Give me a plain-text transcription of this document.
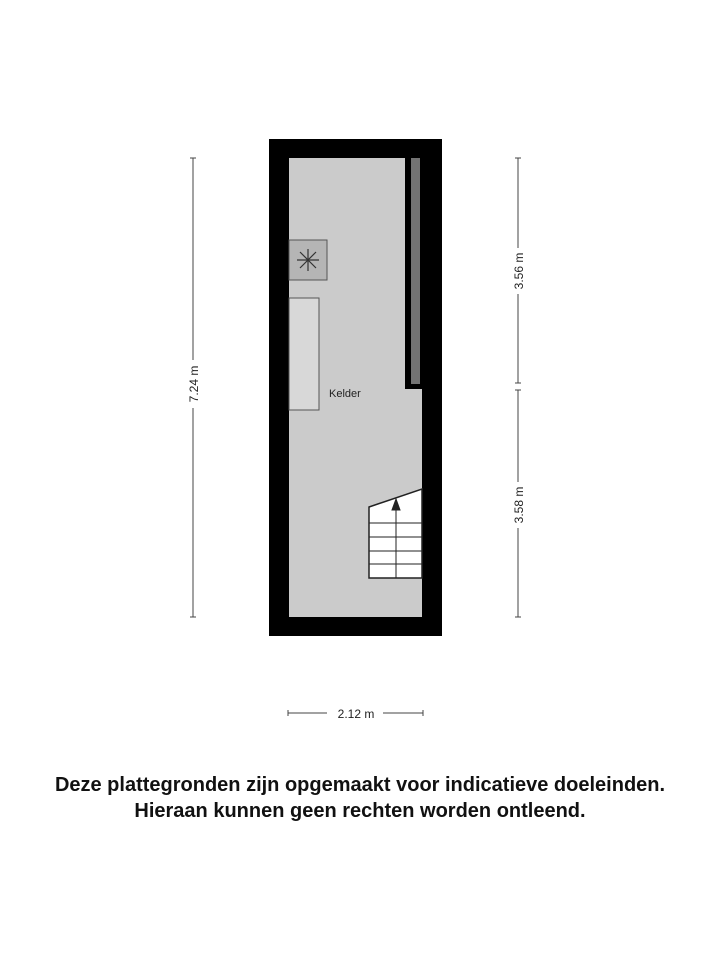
Kelder
7.24 m
3.56 m
3.58 m
2.12 m
Deze plattegronden zijn opgemaakt voor indicatieve doeleinden.
Hieraan kunnen geen rechten worden ontleend.
